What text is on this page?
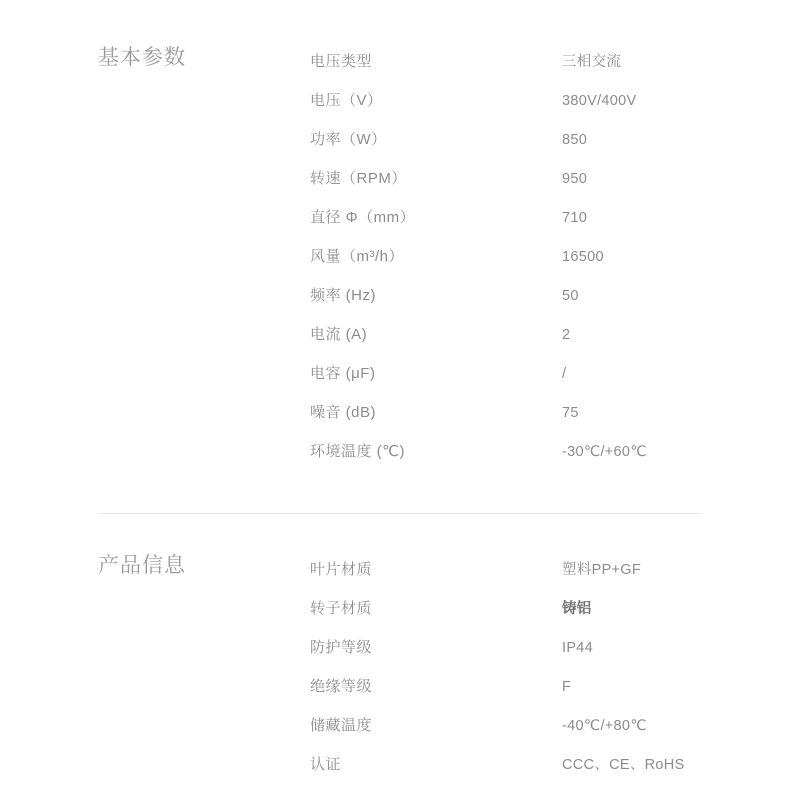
基本参数	电压类型	三相交流
电压（V）	380V/400V
功率（W）	850
转速（RPM）	950
直径 Φ（mm）	710
风量（m³/h）	16500
频率 (Hz)	50
电流 (A)	2
电容 (μF)	/
噪音 (dB)	75
环境温度 (℃)	-30℃/+60℃
产品信息	叶片材质	塑料PP+GF
转子材质	铸铝
防护等级	IP44
绝缘等级	F
储藏温度	-40℃/+80℃
认证	CCC、CE、RoHS
